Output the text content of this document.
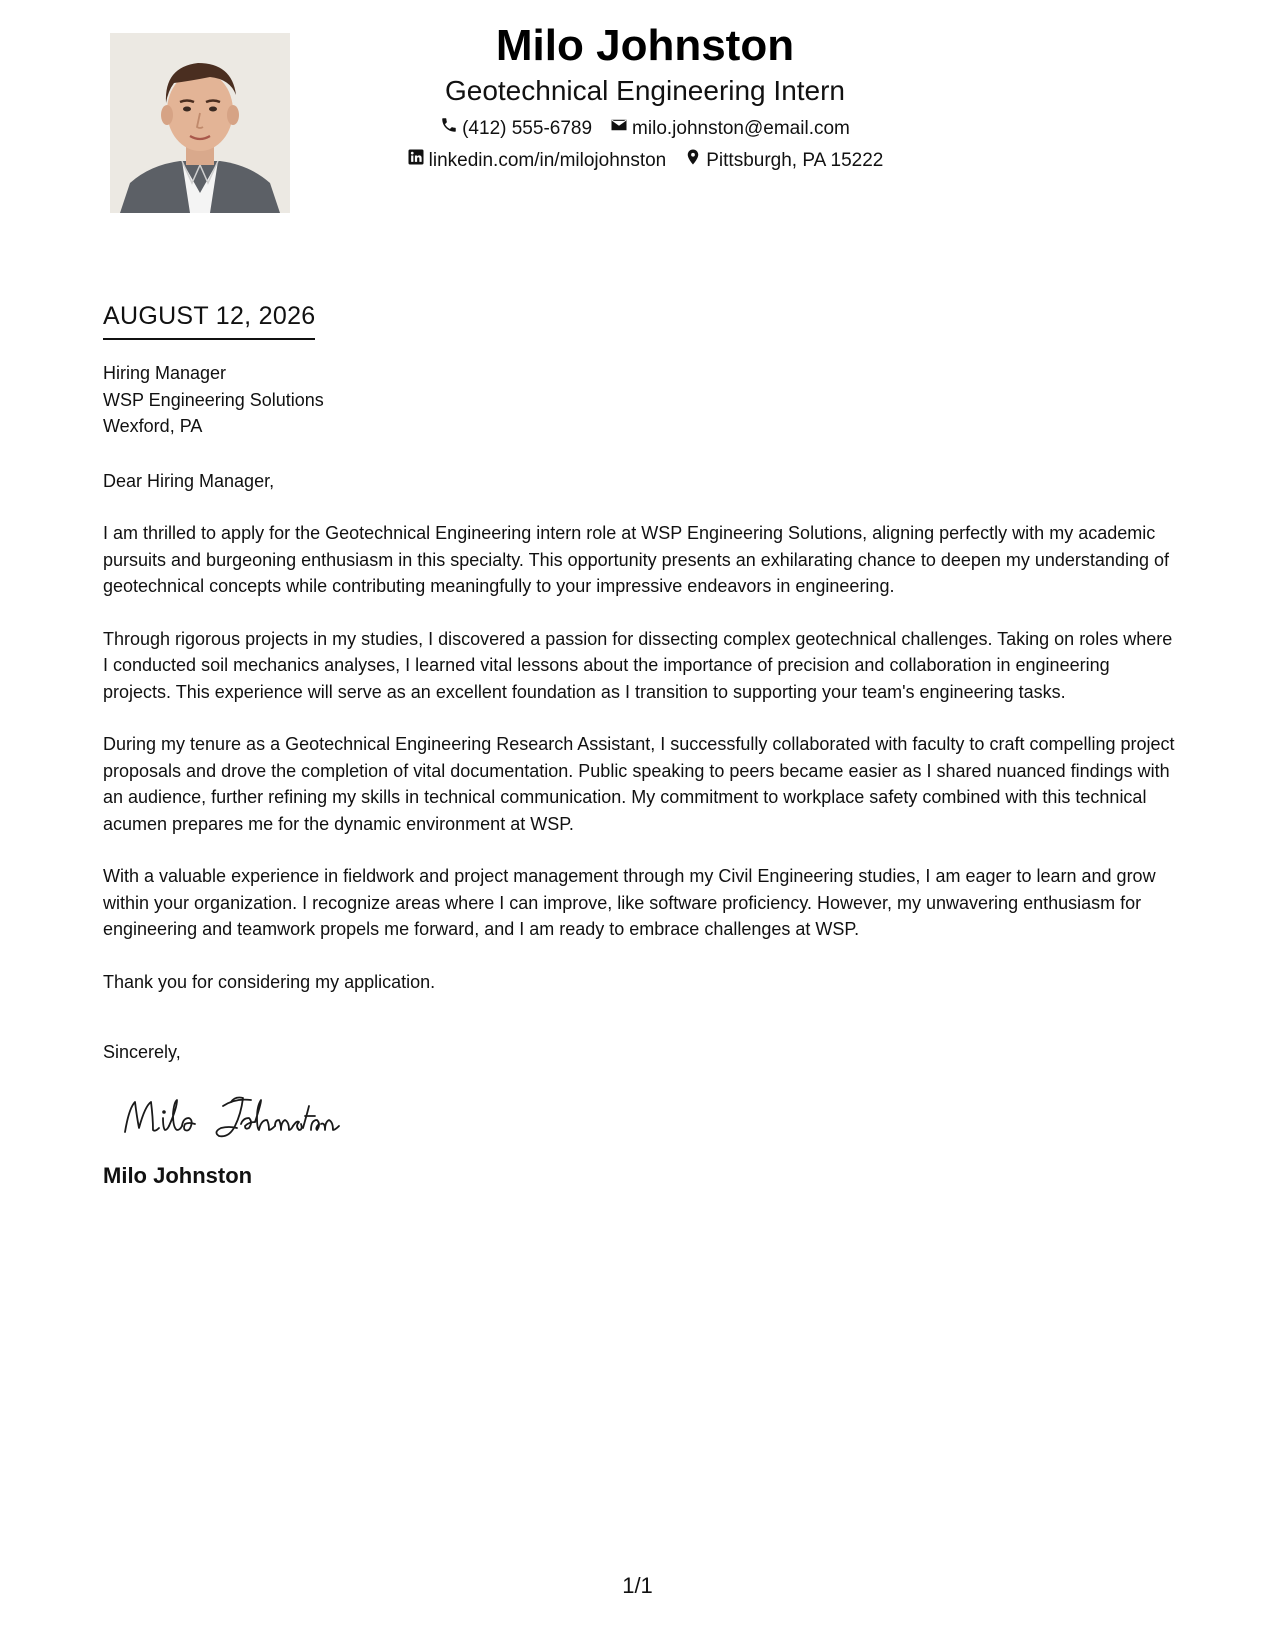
Milo Johnston
Geotechnical Engineering Intern
(412) 555-6789 milo.johnston@email.com
linkedin.com/in/milojohnston Pittsburgh, PA 15222
AUGUST 12, 2026
Hiring Manager
WSP Engineering Solutions
Wexford, PA
Dear Hiring Manager,
I am thrilled to apply for the Geotechnical Engineering intern role at WSP Engineering Solutions, aligning perfectly with my academic pursuits and burgeoning enthusiasm in this specialty. This opportunity presents an exhilarating chance to deepen my understanding of geotechnical concepts while contributing meaningfully to your impressive endeavors in engineering.
Through rigorous projects in my studies, I discovered a passion for dissecting complex geotechnical challenges. Taking on roles where I conducted soil mechanics analyses, I learned vital lessons about the importance of precision and collaboration in engineering projects. This experience will serve as an excellent foundation as I transition to supporting your team's engineering tasks.
During my tenure as a Geotechnical Engineering Research Assistant, I successfully collaborated with faculty to craft compelling project proposals and drove the completion of vital documentation. Public speaking to peers became easier as I shared nuanced findings with an audience, further refining my skills in technical communication. My commitment to workplace safety combined with this technical acumen prepares me for the dynamic environment at WSP.
With a valuable experience in fieldwork and project management through my Civil Engineering studies, I am eager to learn and grow within your organization. I recognize areas where I can improve, like software proficiency. However, my unwavering enthusiasm for engineering and teamwork propels me forward, and I am ready to embrace challenges at WSP.
Thank you for considering my application.
Sincerely,
Milo Johnston
1/1
